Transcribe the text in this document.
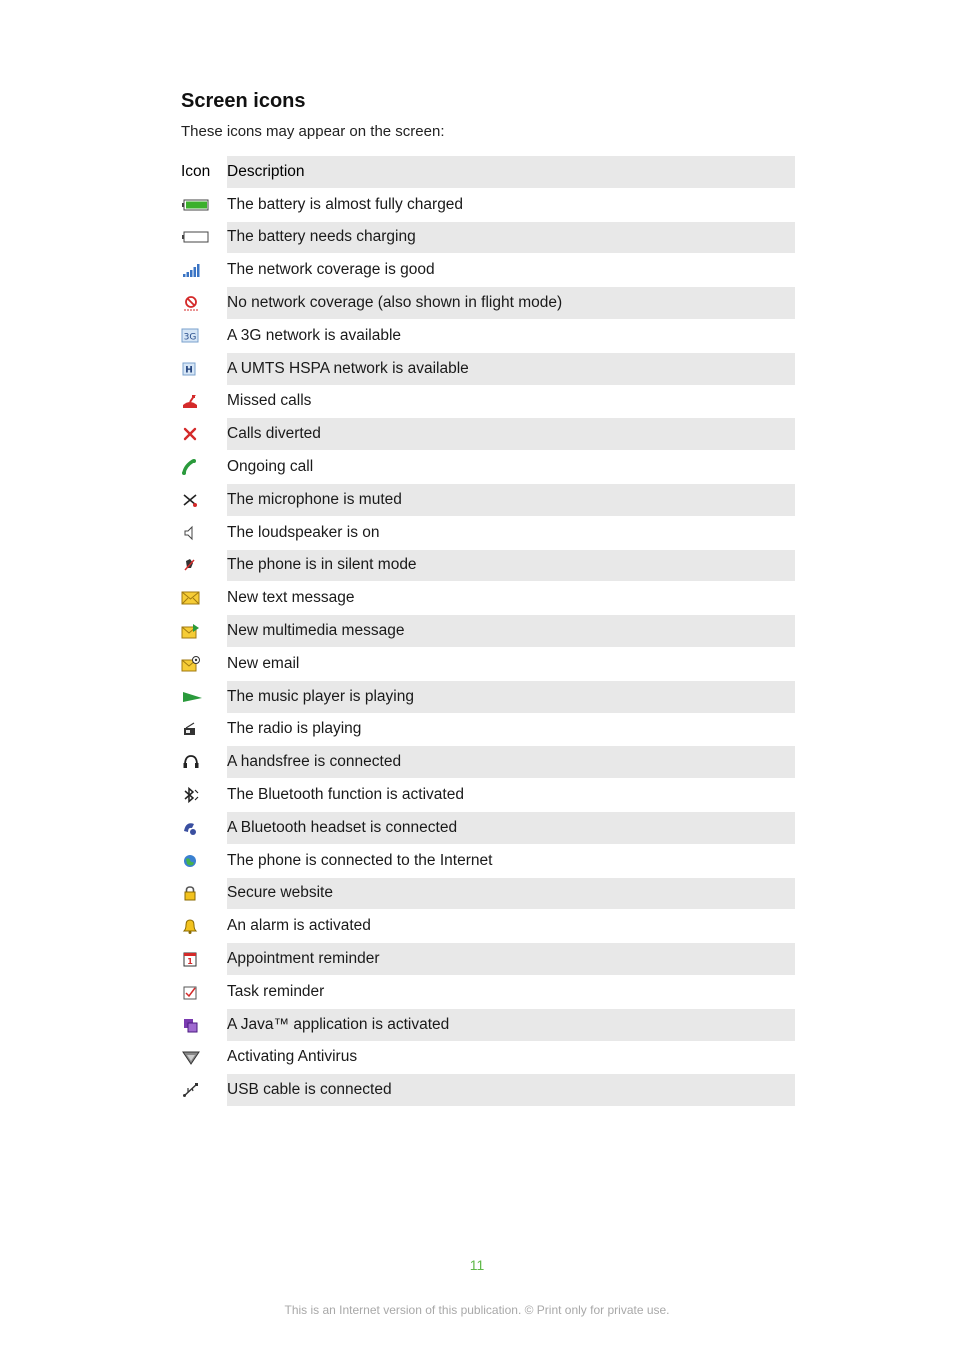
Screen icons

These icons may appear on the screen:

Icon	Description

	The battery is almost fully charged

	The battery needs charging

	The network coverage is good

	No network coverage (also shown in flight mode)

3G	A 3G network is available

H	A UMTS HSPA network is available

	Missed calls

	Calls diverted

	Ongoing call

	The microphone is muted

	The loudspeaker is on

	The phone is in silent mode

	New text message

	New multimedia message

	New email

	The music player is playing

	The radio is playing

	A handsfree is connected

	The Bluetooth function is activated

	A Bluetooth headset is connected

	The phone is connected to the Internet

	Secure website

	An alarm is activated

1	Appointment reminder

	Task reminder

	A Java™ application is activated

	Activating Antivirus

	USB cable is connected

11

This is an Internet version of this publication. © Print only for private use.
